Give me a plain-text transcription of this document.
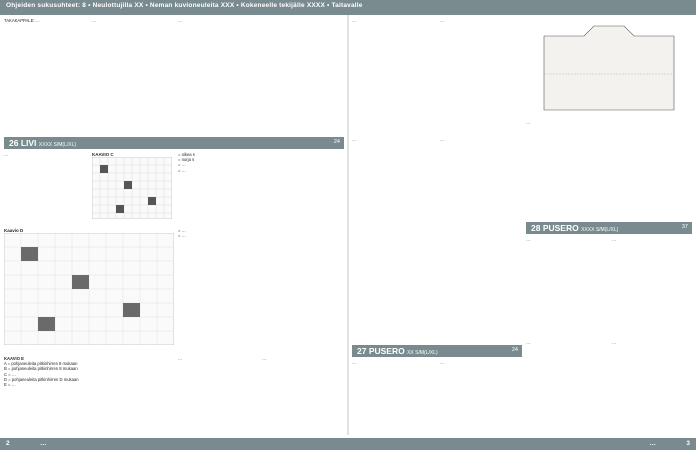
Ohjeiden sukusuhteet: 8 • Neulottujilla XX • Neman kuvioneuleita XXX • Kokeneelle tekijälle XXXX • Taitavalle

TAKAKAPPALE: …	…	…

26 LIVI XXXX S/M(L/XL)	24

…	KAAVIO C	= oikea s
= nurja s
= …
= …
Kaavio D	= …
= …
KAAVIO E
A = pohjaneuleita pitkinhirren 8 mukaan
B = pohjaneuleita pitkinhirren 8 mukaan
C = …
D = pohjaneuleita pitkinhirren D mukaan
E = …

…	…

…	…

…	…

…

28 PUSERO XXXX S/M(L/XL)	37

…	…

27 PUSERO XX S/M(L/XL)	24

…	…

…	…

2	…	…	3
